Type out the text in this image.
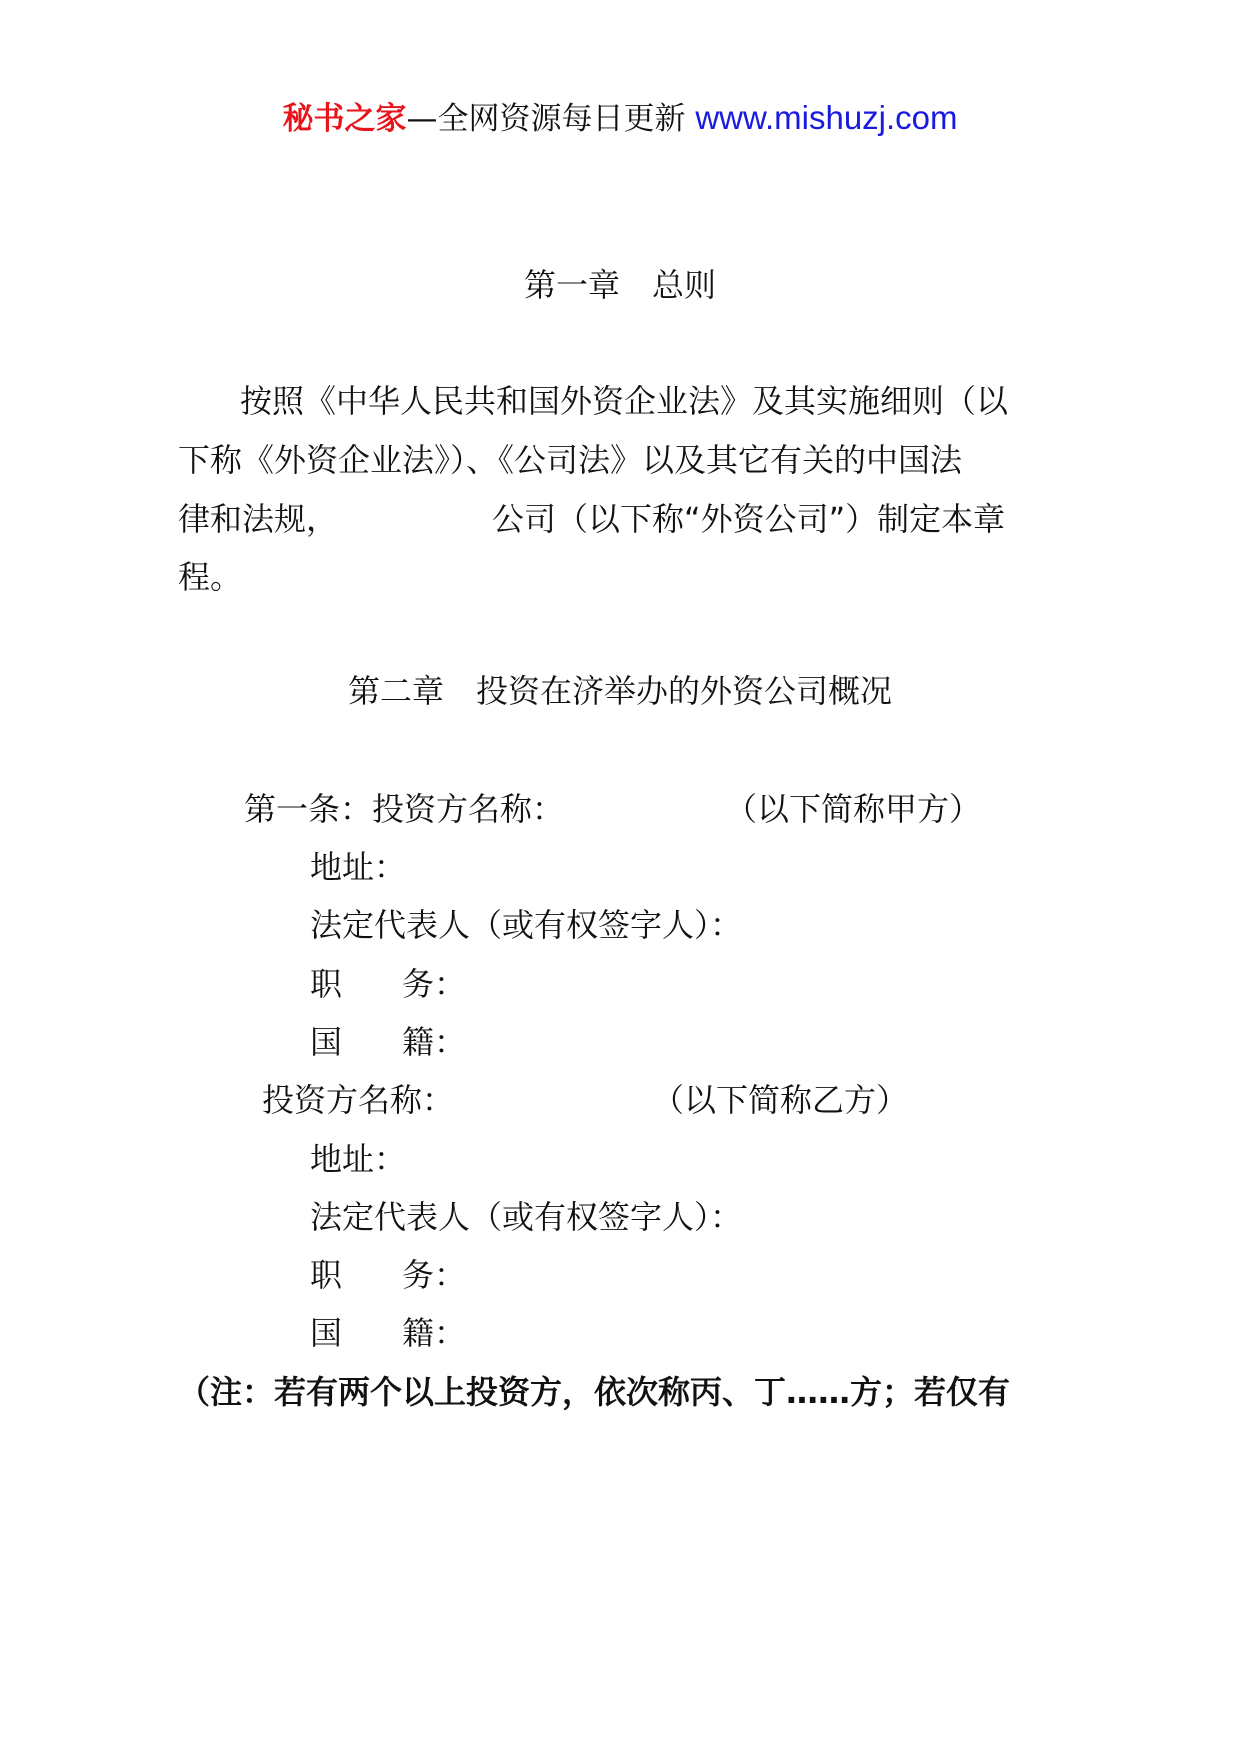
秘书之家—全网资源每日更新 www.mishuzj.com
第一章 总则
按照《中华人民共和国外资企业法》及其实施细则（以
下称《外资企业法》）、《公司法》以及其它有关的中国法
律和法规，	公司（以下称“外资公司”）制定本章
程。
第二章 投资在济举办的外资公司概况
第一条：投资方名称：	（以下简称甲方）
地址：
法定代表人（或有权签字人）：
职 务：
国 籍：
投资方名称：	（以下简称乙方）
地址：
法定代表人（或有权签字人）：
职 务：
国 籍：
（注：若有两个以上投资方，依次称丙、丁……方；若仅有
